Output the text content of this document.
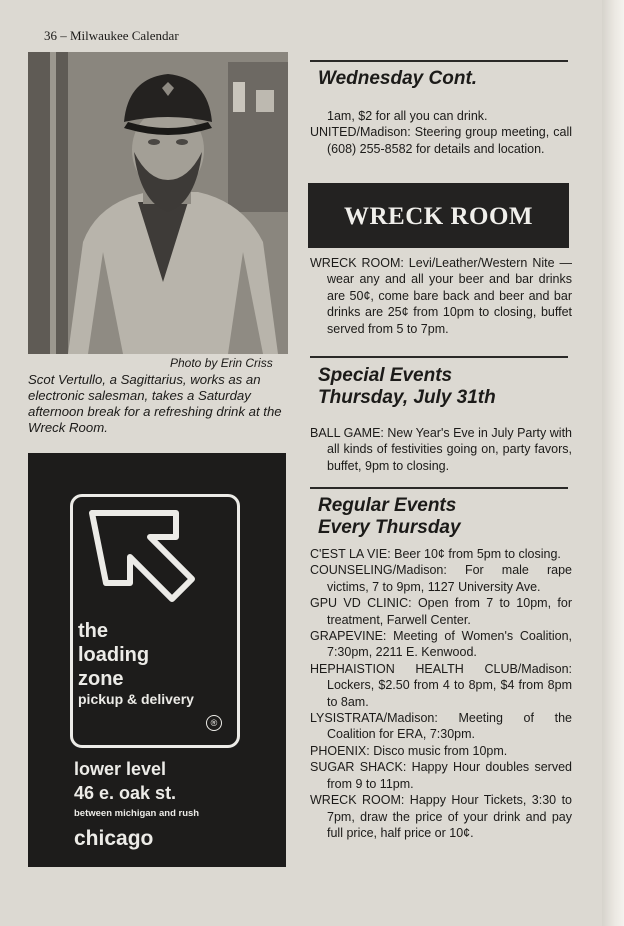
36 – Milwaukee Calendar
Photo by Erin Criss
Scot Vertullo, a Sagittarius, works as an electronic salesman, takes a Saturday afternoon break for a refreshing drink at the Wreck Room.
the
loading
zone
pickup & delivery
®
lower level
46 e. oak st.
between michigan and rush
chicago
Wednesday Cont.

1am, $2 for all you can drink.

UNITED/Madison: Steering group meeting, call (608) 255-8582 for details and location.

WRECK ROOM

WRECK ROOM: Levi/Leather/Western Nite —wear any and all your beer and bar drinks are 50¢, come bare back and beer and bar drinks are 25¢ from 10pm to closing, buffet served from 5 to 7pm.

Special Events
Thursday, July 31th

BALL GAME: New Year's Eve in July Party with all kinds of festivities going on, party favors, buffet, 9pm to closing.

Regular Events
Every Thursday

C'EST LA VIE: Beer 10¢ from 5pm to closing.

COUNSELING/Madison: For male rape victims, 7 to 9pm, 1127 University Ave.

GPU VD CLINIC: Open from 7 to 10pm, for treatment, Farwell Center.

GRAPEVINE: Meeting of Women's Coalition, 7:30pm, 2211 E. Kenwood.

HEPHAISTION HEALTH CLUB/Madison: Lockers, $2.50 from 4 to 8pm, $4 from 8pm to 8am.

LYSISTRATA/Madison: Meeting of the Coalition for ERA, 7:30pm.

PHOENIX: Disco music from 10pm.

SUGAR SHACK: Happy Hour doubles served from 9 to 11pm.

WRECK ROOM: Happy Hour Tickets, 3:30 to 7pm, draw the price of your drink and pay full price, half price or 10¢.
